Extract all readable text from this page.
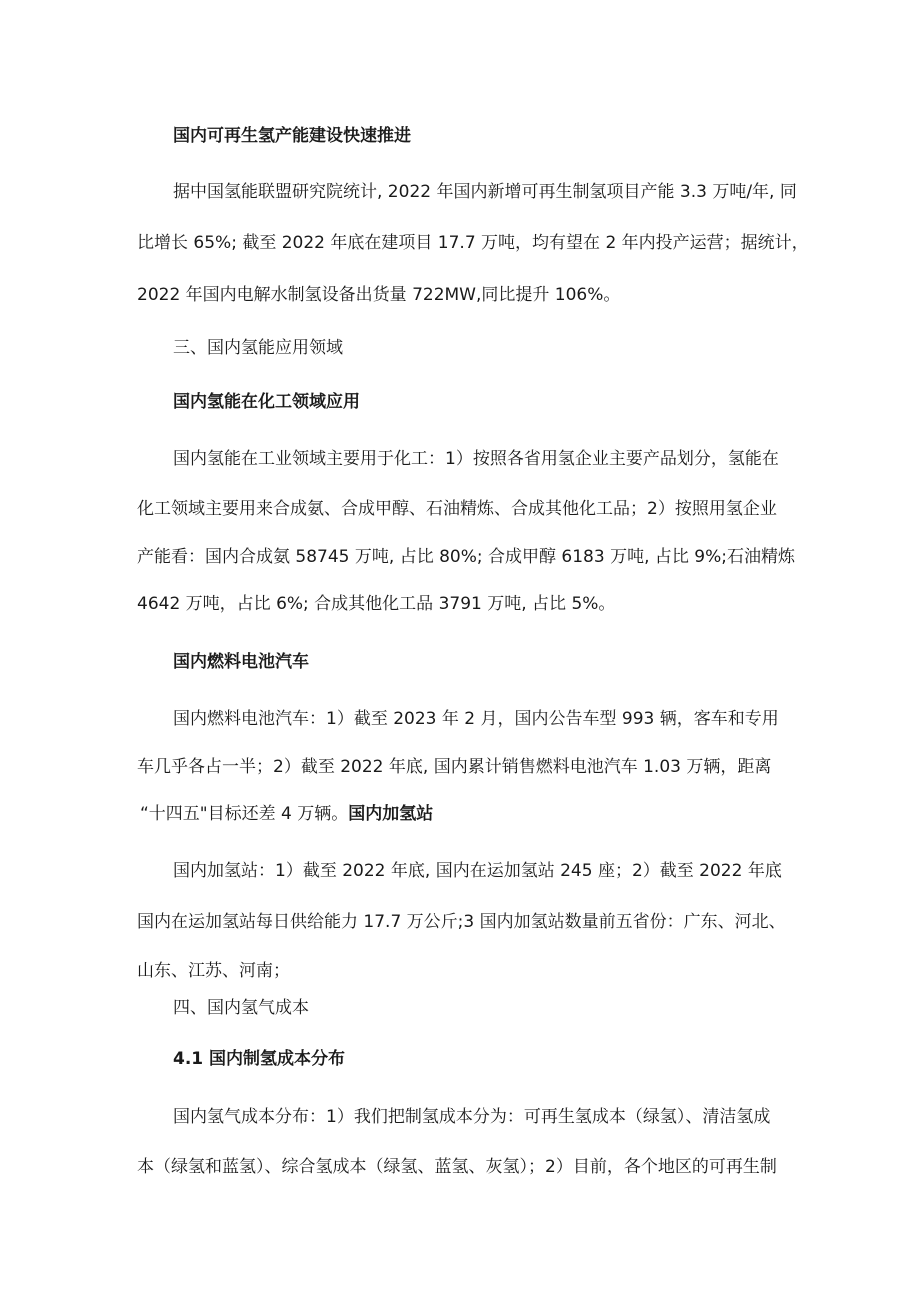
国内可再生氢产能建设快速推进
据中国氢能联盟研究院统计, 2022 年国内新增可再生制氢项目产能 3.3 万吨/年, 同
比增长 65%; 截至 2022 年底在建项目 17.7 万吨，均有望在 2 年内投产运营；据统计，
2022 年国内电解水制氢设备出货量 722MW,同比提升 106%。
三、国内氢能应用领域
国内氢能在化工领域应用
国内氢能在工业领域主要用于化工：1）按照各省用氢企业主要产品划分，氢能在
化工领域主要用来合成氨、合成甲醇、石油精炼、合成其他化工品；2）按照用氢企业
产能看：国内合成氨 58745 万吨, 占比 80%; 合成甲醇 6183 万吨, 占比 9%;石油精炼
4642 万吨，占比 6%; 合成其他化工品 3791 万吨, 占比 5%。
国内燃料电池汽车
国内燃料电池汽车：1）截至 2023 年 2 月，国内公告车型 993 辆，客车和专用
车几乎各占一半；2）截至 2022 年底, 国内累计销售燃料电池汽车 1.03 万辆，距离
“十四五"目标还差 4 万辆。国内加氢站
国内加氢站：1）截至 2022 年底, 国内在运加氢站 245 座；2）截至 2022 年底
国内在运加氢站每日供给能力 17.7 万公斤;3 国内加氢站数量前五省份：广东、河北、
山东、江苏、河南；
四、国内氢气成本
4.1 国内制氢成本分布
国内氢气成本分布：1）我们把制氢成本分为：可再生氢成本（绿氢）、清洁氢成
本（绿氢和蓝氢）、综合氢成本（绿氢、蓝氢、灰氢）；2）目前，各个地区的可再生制
